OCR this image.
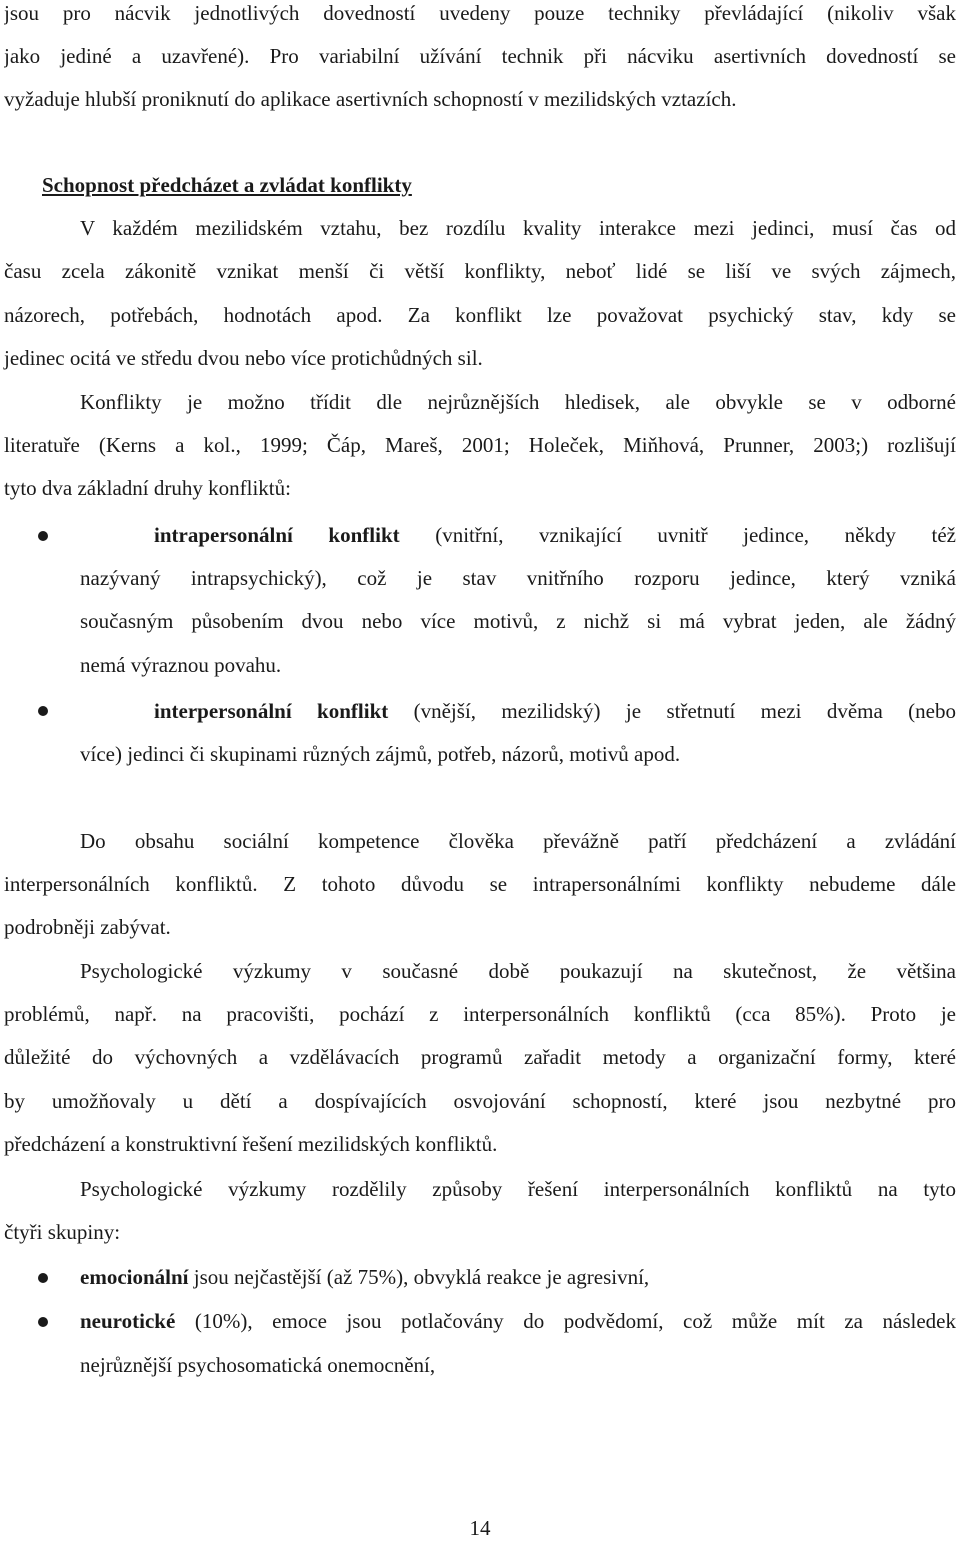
jsou pro nácvik jednotlivých dovedností uvedeny pouze techniky převládající (nikoliv však
jako jediné a uzavřené). Pro variabilní užívání technik při nácviku asertivních dovedností se
vyžaduje hlubší proniknutí do aplikace asertivních schopností v mezilidských vztazích.
Schopnost předcházet a zvládat konflikty
V každém mezilidském vztahu, bez rozdílu kvality interakce mezi jedinci, musí čas od
času zcela zákonitě vznikat menší či větší konflikty, neboť lidé se liší ve svých zájmech,
názorech, potřebách, hodnotách apod. Za konflikt lze považovat psychický stav, kdy se
jedinec ocitá ve středu dvou nebo více protichůdných sil.
Konflikty je možno třídit dle nejrůznějších hledisek, ale obvykle se v odborné
literatuře (Kerns a kol., 1999; Čáp, Mareš, 2001; Holeček, Miňhová, Prunner, 2003;) rozlišují
tyto dva základní druhy konfliktů:
intrapersonální konflikt (vnitřní, vznikající uvnitř jedince, někdy též
nazývaný intrapsychický), což je stav vnitřního rozporu jedince, který vzniká
současným působením dvou nebo více motivů, z nichž si má vybrat jeden, ale žádný
nemá výraznou povahu.
interpersonální konflikt (vnější, mezilidský) je střetnutí mezi dvěma (nebo
více) jedinci či skupinami různých zájmů, potřeb, názorů, motivů apod.
Do obsahu sociální kompetence člověka převážně patří předcházení a zvládání
interpersonálních konfliktů. Z tohoto důvodu se intrapersonálními konflikty nebudeme dále
podrobněji zabývat.
Psychologické výzkumy v současné době poukazují na skutečnost, že většina
problémů, např. na pracovišti, pochází z interpersonálních konfliktů (cca 85%). Proto je
důležité do výchovných a vzdělávacích programů zařadit metody a organizační formy, které
by umožňovaly u dětí a dospívajících osvojování schopností, které jsou nezbytné pro
předcházení a konstruktivní řešení mezilidských konfliktů.
Psychologické výzkumy rozdělily způsoby řešení interpersonálních konfliktů na tyto
čtyři skupiny:
emocionální jsou nejčastější (až 75%), obvyklá reakce je agresivní,
neurotické (10%), emoce jsou potlačovány do podvědomí, což může mít za následek
nejrůznější psychosomatická onemocnění,
14
